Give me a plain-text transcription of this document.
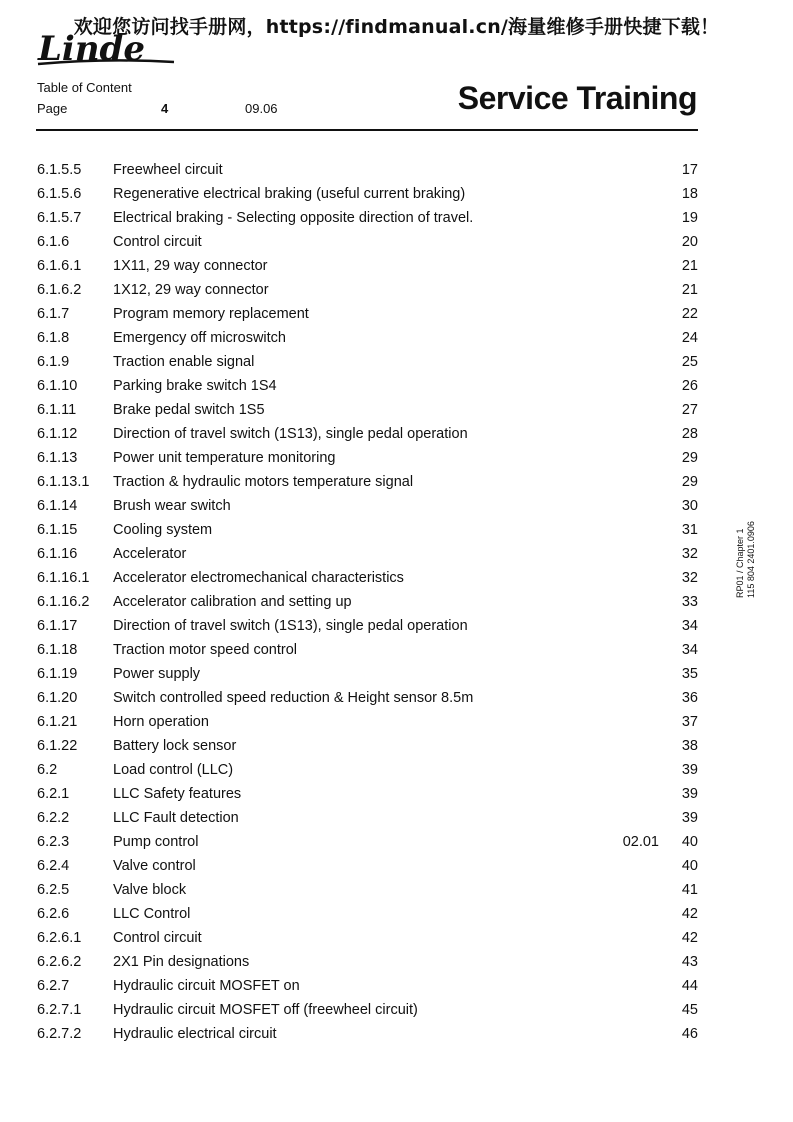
欢迎您访问找手册网，https://findmanual.cn/海量维修手册快捷下载！
Linde
Table of Content
Page	4	09.06	Service Training
6.1.5.5 Freewheel circuit	17
6.1.5.6 Regenerative electrical braking (useful current braking)	18
6.1.5.7 Electrical braking - Selecting opposite direction of travel.	19
6.1.6	Control circuit	20
6.1.6.1 1X11, 29 way connector	21
6.1.6.2 1X12, 29 way connector	21
6.1.7	Program memory replacement	22
6.1.8	Emergency off microswitch	24
6.1.9	Traction enable signal	25
6.1.10 Parking brake switch 1S4	26
6.1.11	Brake pedal switch 1S5	27
6.1.12 Direction of travel switch (1S13), single pedal operation	28
6.1.13 Power unit temperature monitoring	29
6.1.13.1 Traction & hydraulic motors temperature signal	29
6.1.14 Brush wear switch	30
6.1.15 Cooling system	31
6.1.16 Accelerator	32
6.1.16.1 Accelerator electromechanical characteristics	32
6.1.16.2 Accelerator calibration and setting up	33
6.1.17 Direction of travel switch (1S13), single pedal operation	34
6.1.18 Traction motor speed control	34
6.1.19 Power supply	35
6.1.20 Switch controlled speed reduction & Height sensor 8.5m	36
6.1.21 Horn operation	37
6.1.22 Battery lock sensor	38
6.2	Load control (LLC)	39
6.2.1	LLC Safety features	39
6.2.2	LLC Fault detection	39
6.2.3	Pump control	02.01 40
6.2.4	Valve control	40
6.2.5	Valve block	41
6.2.6	LLC Control	42
6.2.6.1 Control circuit	42
6.2.6.2 2X1 Pin designations	43
6.2.7	Hydraulic circuit MOSFET on	44
6.2.7.1 Hydraulic circuit MOSFET off (freewheel circuit)	45
6.2.7.2 Hydraulic electrical circuit	46
RP01 / Chapter 1 115 804 2401.0906
